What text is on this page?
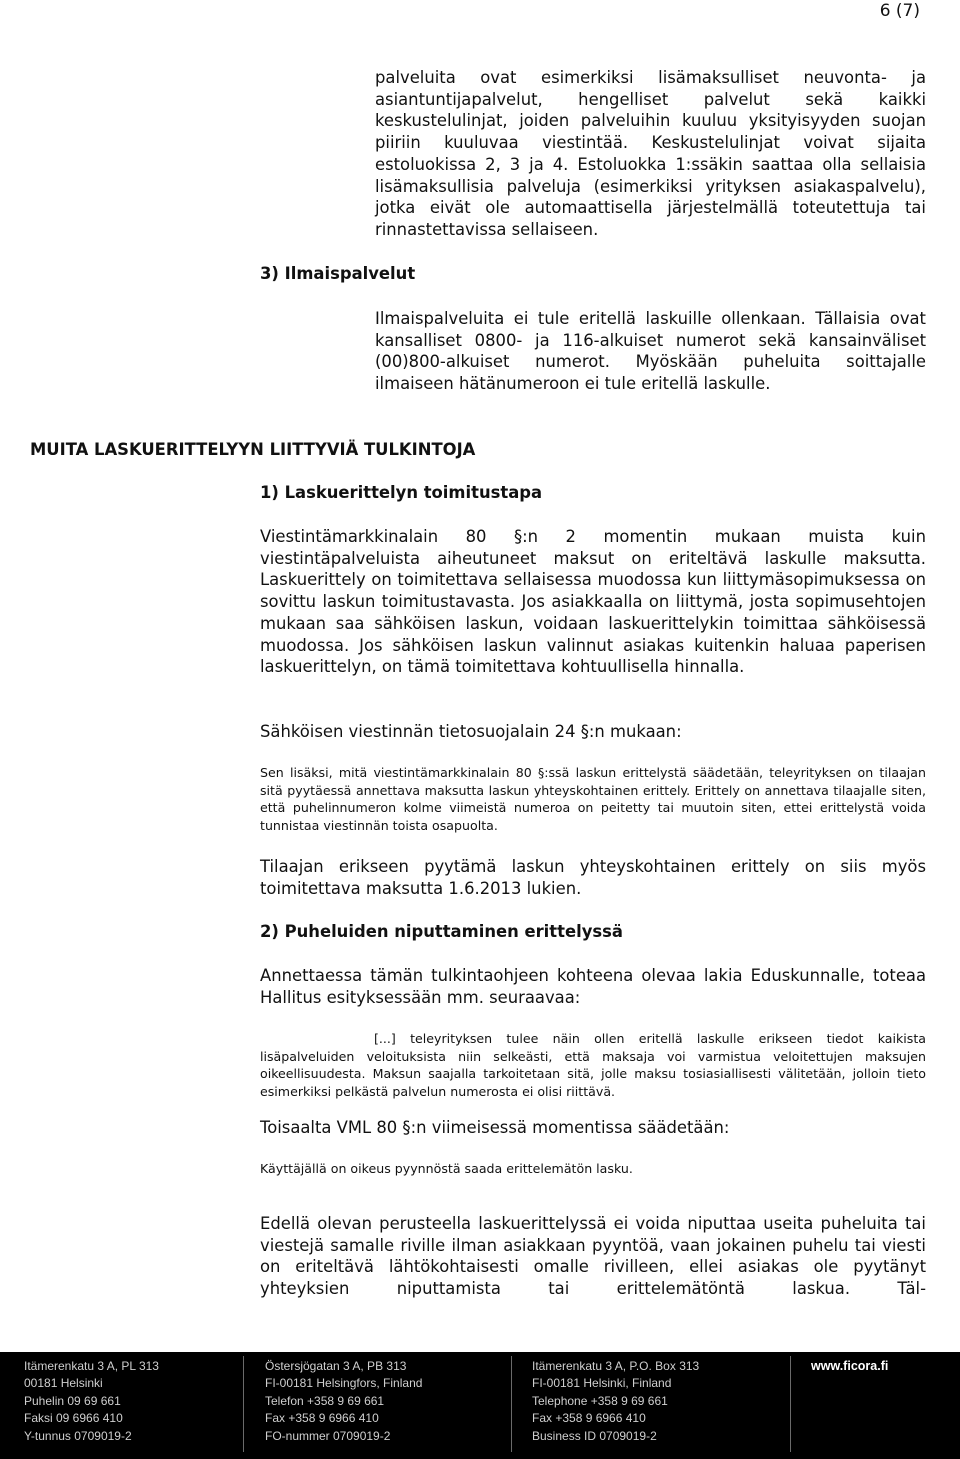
6 (7)
palveluita ovat esimerkiksi lisämaksulliset neuvonta- ja asiantuntijapalvelut, hengelliset palvelut sekä kaikki keskustelulinjat, joiden palveluihin kuuluu yksityisyyden suojan piiriin kuuluvaa viestintää. Keskustelulinjat voivat sijaita estoluokissa 2, 3 ja 4. Estoluokka 1:ssäkin saattaa olla sellaisia lisämaksullisia palveluja (esimerkiksi yrityksen asiakaspalvelu), jotka eivät ole automaattisella järjestelmällä toteutettuja tai rinnastettavissa sellaiseen.
3) Ilmaispalvelut
Ilmaispalveluita ei tule eritellä laskuille ollenkaan. Tällaisia ovat kansalliset 0800- ja 116-alkuiset numerot sekä kansainväliset (00)800-alkuiset numerot. Myöskään puheluita soittajalle ilmaiseen hätänumeroon ei tule eritellä laskulle.
MUITA LASKUERITTELYYN LIITTYVIÄ TULKINTOJA
1) Laskuerittelyn toimitustapa
Viestintämarkkinalain 80 §:n 2 momentin mukaan muista kuin viestintäpalveluista aiheutuneet maksut on eriteltävä laskulle maksutta. Laskuerittely on toimitettava sellaisessa muodossa kun liittymäsopimuksessa on sovittu laskun toimitustavasta. Jos asiakkaalla on liittymä, josta sopimusehtojen mukaan saa sähköisen laskun, voidaan laskuerittelykin toimittaa sähköisessä muodossa. Jos sähköisen laskun valinnut asiakas kuitenkin haluaa paperisen laskuerittelyn, on tämä toimitettava kohtuullisella hinnalla.
Sähköisen viestinnän tietosuojalain 24 §:n mukaan:
Sen lisäksi, mitä viestintämarkkinalain 80 §:ssä laskun erittelystä säädetään, teleyrityksen on tilaajan sitä pyytäessä annettava maksutta laskun yhteyskohtainen erittely. Erittely on annettava tilaajalle siten, että puhelinnumeron kolme viimeistä numeroa on peitetty tai muutoin siten, ettei erittelystä voida tunnistaa viestinnän toista osapuolta.
Tilaajan erikseen pyytämä laskun yhteyskohtainen erittely on siis myös toimitettava maksutta 1.6.2013 lukien.
2) Puheluiden niputtaminen erittelyssä
Annettaessa tämän tulkintaohjeen kohteena olevaa lakia Eduskunnalle, toteaa Hallitus esityksessään mm. seuraavaa:
[...] teleyrityksen tulee näin ollen eritellä laskulle erikseen tiedot kaikista lisäpalveluiden veloituksista niin selkeästi, että maksaja voi varmistua veloitettujen maksujen oikeellisuudesta. Maksun saajalla tarkoitetaan sitä, jolle maksu tosiasiallisesti välitetään, jolloin tieto esimerkiksi pelkästä palvelun numerosta ei olisi riittävä.
Toisaalta VML 80 §:n viimeisessä momentissa säädetään:
Käyttäjällä on oikeus pyynnöstä saada erittelemätön lasku.
Edellä olevan perusteella laskuerittelyssä ei voida niputtaa useita puheluita tai viestejä samalle riville ilman asiakkaan pyyntöä, vaan jokainen puhelu tai viesti on eriteltävä lähtökohtaisesti omalle rivilleen, ellei asiakas ole pyytänyt yhteyksien niputtamista tai erittelemätöntä laskua. Täl-
Itämerenkatu 3 A, PL 313
00181 Helsinki
Puhelin 09 69 661
Faksi 09 6966 410
Y-tunnus 0709019-2
Östersjögatan 3 A, PB 313
FI-00181 Helsingfors, Finland
Telefon +358 9 69 661
Fax +358 9 6966 410
FO-nummer 0709019-2
Itämerenkatu 3 A, P.O. Box 313
FI-00181 Helsinki, Finland
Telephone +358 9 69 661
Fax +358 9 6966 410
Business ID 0709019-2
www.ficora.fi
